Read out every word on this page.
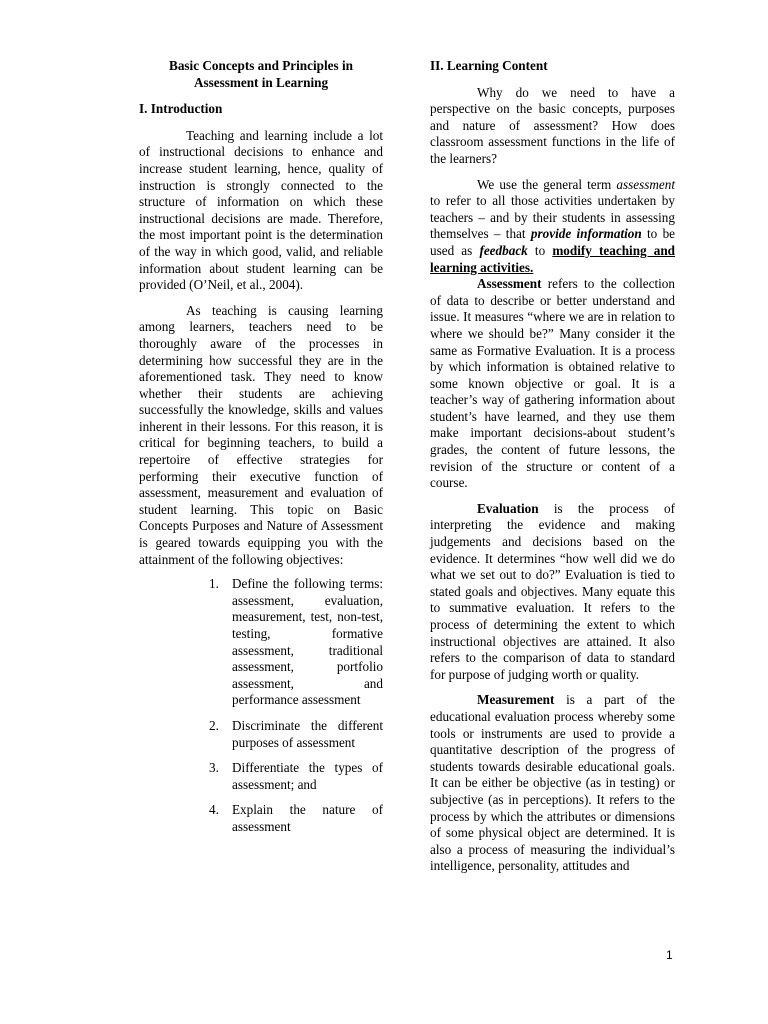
Basic Concepts and Principles in Assessment in Learning
I. Introduction

Teaching and learning include a lot of instructional decisions to enhance and increase student learning, hence, quality of instruction is strongly connected to the structure of information on which these instructional decisions are made. Therefore, the most important point is the determination of the way in which good, valid, and reliable information about student learning can be provided (O’Neil, et al., 2004).

As teaching is causing learning among learners, teachers need to be thoroughly aware of the processes in determining how successful they are in the aforementioned task. They need to know whether their students are achieving successfully the knowledge, skills and values inherent in their lessons. For this reason, it is critical for beginning teachers, to build a repertoire of effective strategies for performing their executive function of assessment, measurement and evaluation of student learning. This topic on Basic Concepts Purposes and Nature of Assessment is geared towards equipping you with the attainment of the following objectives:

1. Define the following terms: assessment, evaluation, measurement, test, non-test, testing, formative assessment, traditional assessment, portfolio assessment, and performance assessment
2. Discriminate the different purposes of assessment
3. Differentiate the types of assessment; and
4. Explain the nature of assessment
II. Learning Content

Why do we need to have a perspective on the basic concepts, purposes and nature of assessment? How does classroom assessment functions in the life of the learners?

We use the general term assessment to refer to all those activities undertaken by teachers – and by their students in assessing themselves – that provide information to be used as feedback to modify teaching and learning activities.

Assessment refers to the collection of data to describe or better understand and issue. It measures “where we are in relation to where we should be?” Many consider it the same as Formative Evaluation. It is a process by which information is obtained relative to some known objective or goal. It is a teacher’s way of gathering information about student’s have learned, and they use them make important decisions-about student’s grades, the content of future lessons, the revision of the structure or content of a course.

Evaluation is the process of interpreting the evidence and making judgements and decisions based on the evidence. It determines “how well did we do what we set out to do?” Evaluation is tied to stated goals and objectives. Many equate this to summative evaluation. It refers to the process of determining the extent to which instructional objectives are attained. It also refers to the comparison of data to standard for purpose of judging worth or quality.

Measurement is a part of the educational evaluation process whereby some tools or instruments are used to provide a quantitative description of the progress of students towards desirable educational goals. It can be either be objective (as in testing) or subjective (as in perceptions). It refers to the process by which the attributes or dimensions of some physical object are determined. It is also a process of measuring the individual’s intelligence, personality, attitudes and

1
